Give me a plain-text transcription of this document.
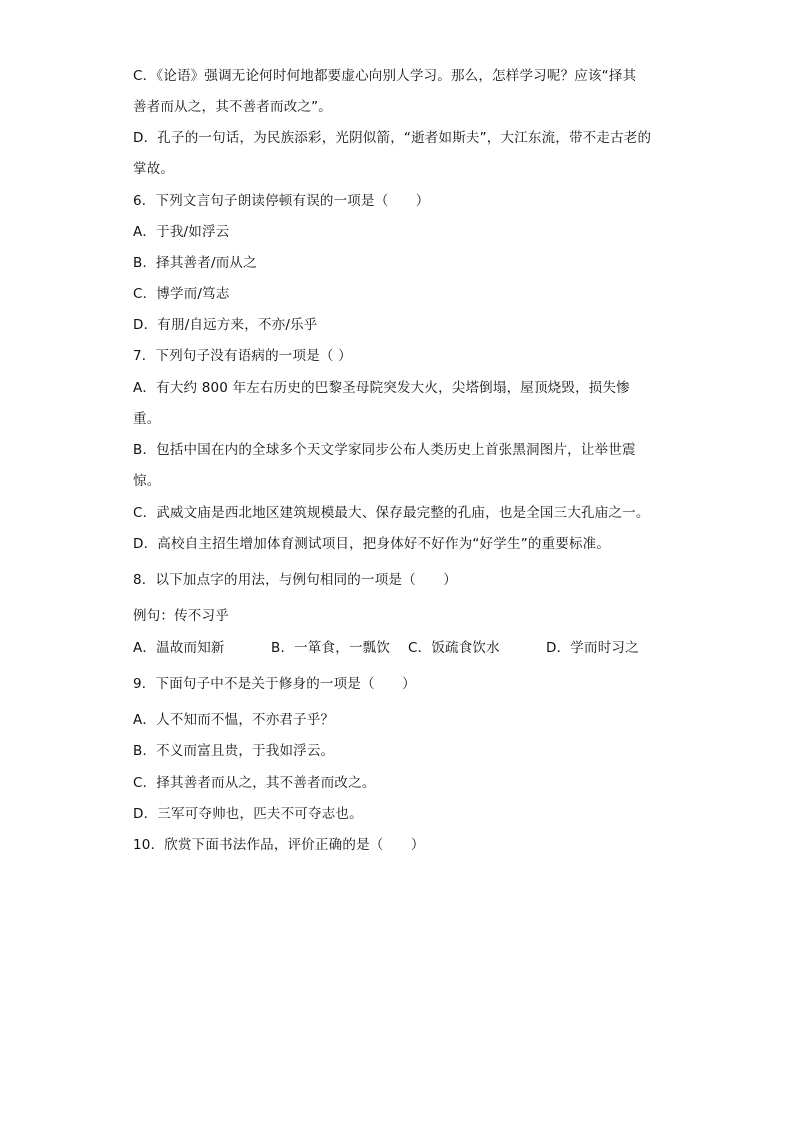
C．《论语》强调无论何时何地都要虚心向别人学习。那么，怎样学习呢？应该“择其
善者而从之，其不善者而改之”。
D．孔子的一句话，为民族添彩，光阴似箭，“逝者如斯夫”，大江东流，带不走古老的
掌故。
6．下列文言句子朗读停顿有误的一项是（　　）
A．于我/如浮云
B．择其善者/而从之
C．博学而/笃志
D．有朋/自远方来，不亦/乐乎
7．下列句子没有语病的一项是（ ）
A．有大约 800 年左右历史的巴黎圣母院突发大火，尖塔倒塌，屋顶烧毁，损失惨
重。
B．包括中国在内的全球多个天文学家同步公布人类历史上首张黑洞图片，让举世震
惊。
C．武威文庙是西北地区建筑规模最大、保存最完整的孔庙，也是全国三大孔庙之一。
D．高校自主招生增加体育测试项目，把身体好不好作为“好学生”的重要标准。
8．以下加点字的用法，与例句相同的一项是（　　）
例句：传不习乎
A．温故而知新	B．一箪食，一瓢饮 C．饭疏食饮水	D．学而时习之
9．下面句子中不是关于修身的一项是（　　）
A．人不知而不愠，不亦君子乎？
B．不义而富且贵，于我如浮云。
C．择其善者而从之，其不善者而改之。
D．三军可夺帅也，匹夫不可夺志也。
10．欣赏下面书法作品，评价正确的是（　　）
